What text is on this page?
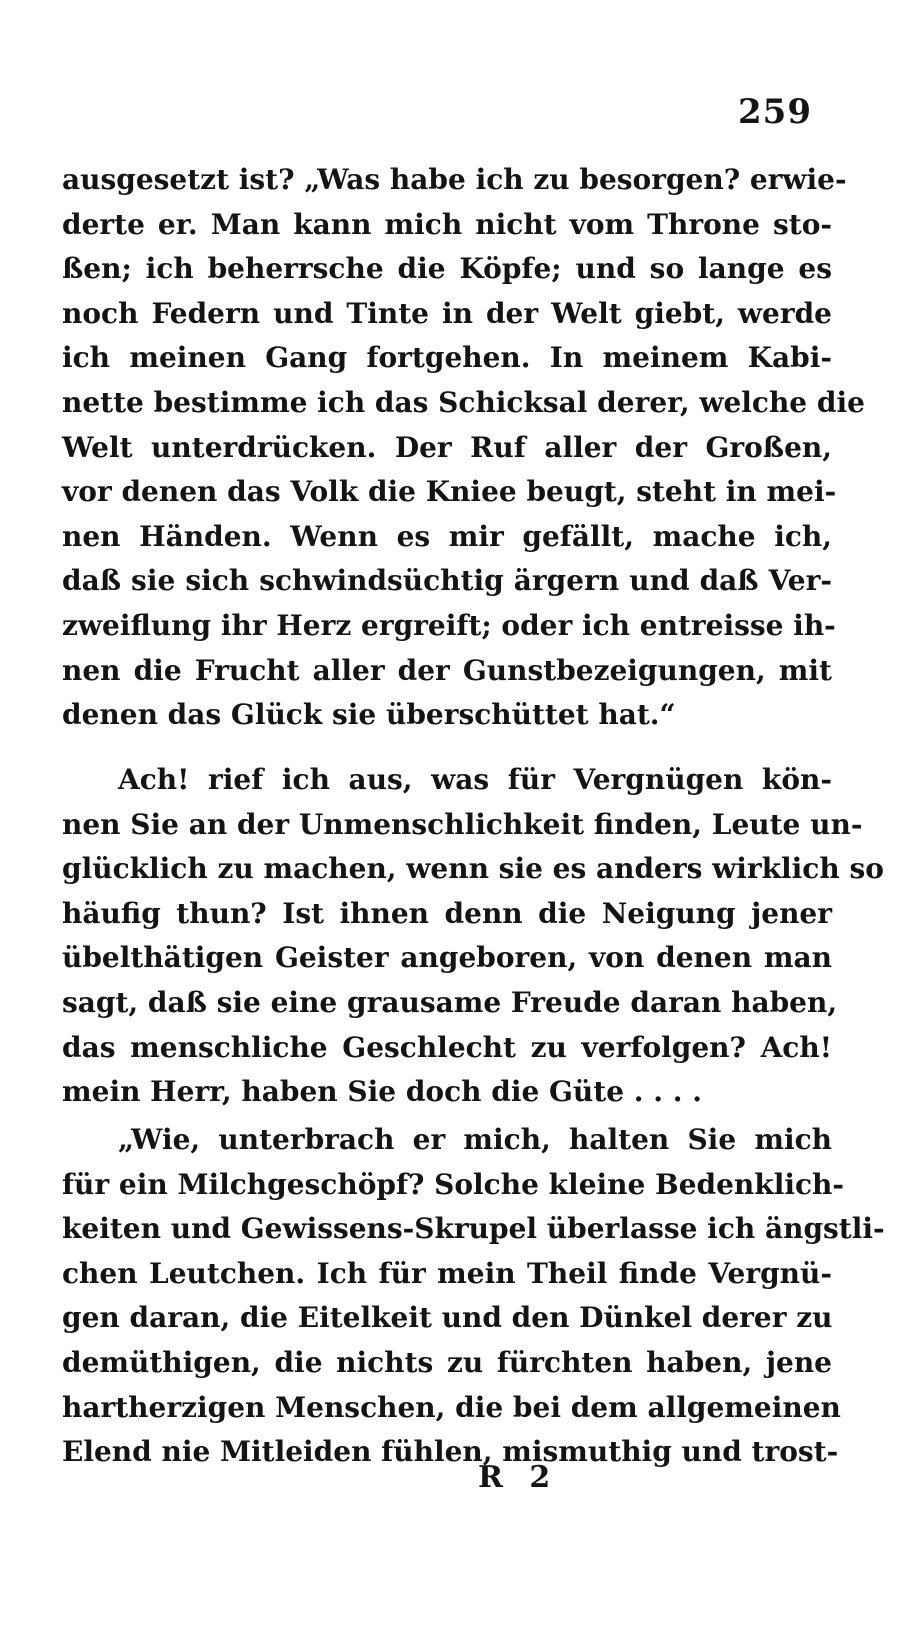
259
ausgesetzt ist? „Was habe ich zu besorgen? erwie-
derte er. Man kann mich nicht vom Throne sto-
ßen; ich beherrsche die Köpfe; und so lange es
noch Federn und Tinte in der Welt giebt, werde
ich meinen Gang fortgehen. In meinem Kabi-
nette bestimme ich das Schicksal derer, welche die
Welt unterdrücken. Der Ruf aller der Großen,
vor denen das Volk die Kniee beugt, steht in mei-
nen Händen. Wenn es mir gefällt, mache ich,
daß sie sich schwindsüchtig ärgern und daß Ver-
zweiflung ihr Herz ergreift; oder ich entreisse ih-
nen die Frucht aller der Gunstbezeigungen, mit
denen das Glück sie überschüttet hat.“
Ach! rief ich aus, was für Vergnügen kön-
nen Sie an der Unmenschlichkeit finden, Leute un-
glücklich zu machen, wenn sie es anders wirklich so
häufig thun? Ist ihnen denn die Neigung jener
übelthätigen Geister angeboren, von denen man
sagt, daß sie eine grausame Freude daran haben,
das menschliche Geschlecht zu verfolgen? Ach!
mein Herr, haben Sie doch die Güte . . . .
„Wie, unterbrach er mich, halten Sie mich
für ein Milchgeschöpf? Solche kleine Bedenklich-
keiten und Gewissens-Skrupel überlasse ich ängstli-
chen Leutchen. Ich für mein Theil finde Vergnü-
gen daran, die Eitelkeit und den Dünkel derer zu
demüthigen, die nichts zu fürchten haben, jene
hartherzigen Menschen, die bei dem allgemeinen
Elend nie Mitleiden fühlen, mismuthig und trost-
R 2
